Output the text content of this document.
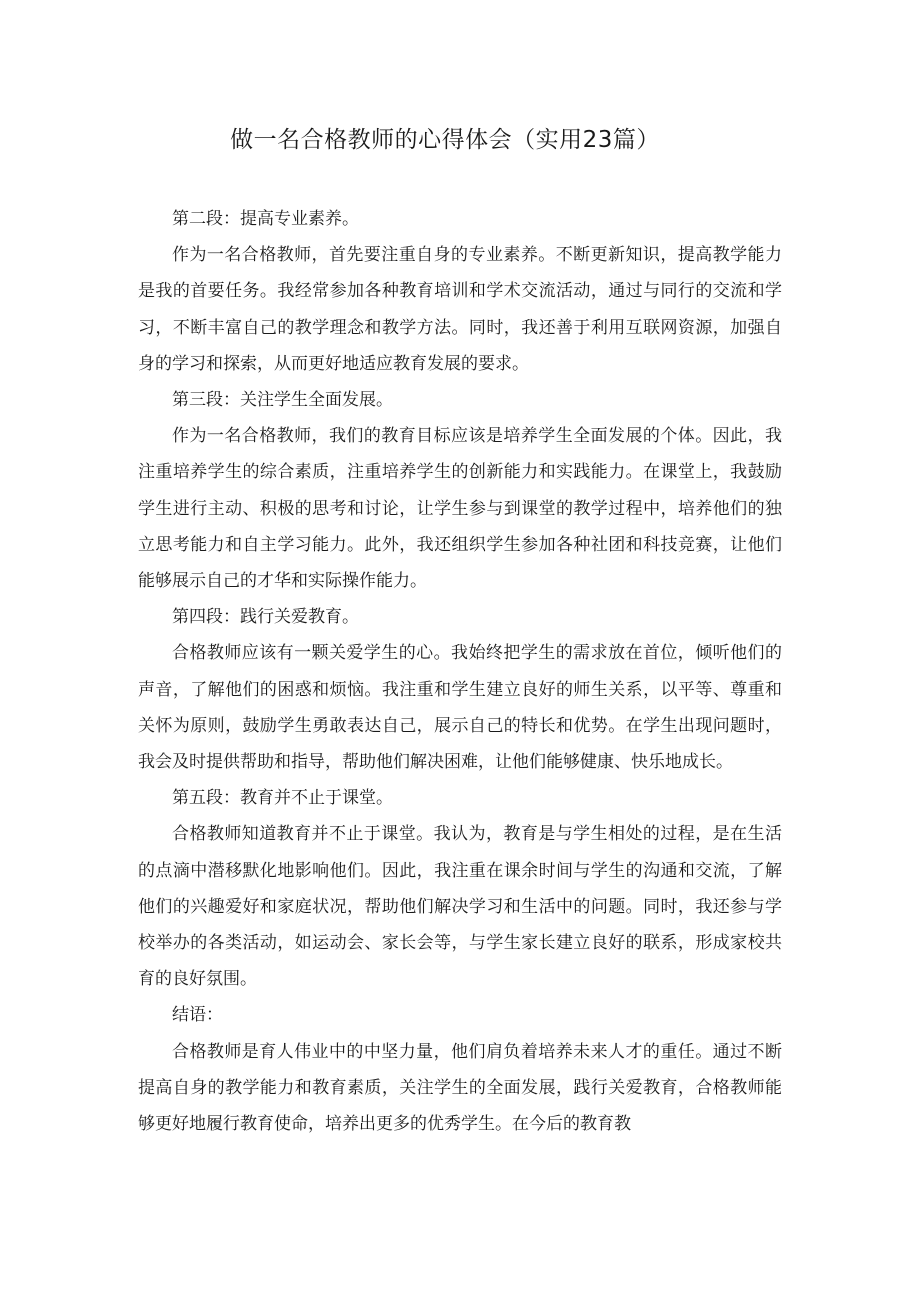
做一名合格教师的心得体会（实用23篇）

第二段：提高专业素养。

作为一名合格教师，首先要注重自身的专业素养。不断更新知识，提高教学能力是我的首要任务。我经常参加各种教育培训和学术交流活动，通过与同行的交流和学习，不断丰富自己的教学理念和教学方法。同时，我还善于利用互联网资源，加强自身的学习和探索，从而更好地适应教育发展的要求。

第三段：关注学生全面发展。

作为一名合格教师，我们的教育目标应该是培养学生全面发展的个体。因此，我注重培养学生的综合素质，注重培养学生的创新能力和实践能力。在课堂上，我鼓励学生进行主动、积极的思考和讨论，让学生参与到课堂的教学过程中，培养他们的独立思考能力和自主学习能力。此外，我还组织学生参加各种社团和科技竞赛，让他们能够展示自己的才华和实际操作能力。

第四段：践行关爱教育。

合格教师应该有一颗关爱学生的心。我始终把学生的需求放在首位，倾听他们的声音，了解他们的困惑和烦恼。我注重和学生建立良好的师生关系，以平等、尊重和关怀为原则，鼓励学生勇敢表达自己，展示自己的特长和优势。在学生出现问题时，我会及时提供帮助和指导，帮助他们解决困难，让他们能够健康、快乐地成长。

第五段：教育并不止于课堂。

合格教师知道教育并不止于课堂。我认为，教育是与学生相处的过程，是在生活的点滴中潜移默化地影响他们。因此，我注重在课余时间与学生的沟通和交流，了解他们的兴趣爱好和家庭状况，帮助他们解决学习和生活中的问题。同时，我还参与学校举办的各类活动，如运动会、家长会等，与学生家长建立良好的联系，形成家校共育的良好氛围。

结语：

合格教师是育人伟业中的中坚力量，他们肩负着培养未来人才的重任。通过不断提高自身的教学能力和教育素质，关注学生的全面发展，践行关爱教育，合格教师能够更好地履行教育使命，培养出更多的优秀学生。在今后的教育教
